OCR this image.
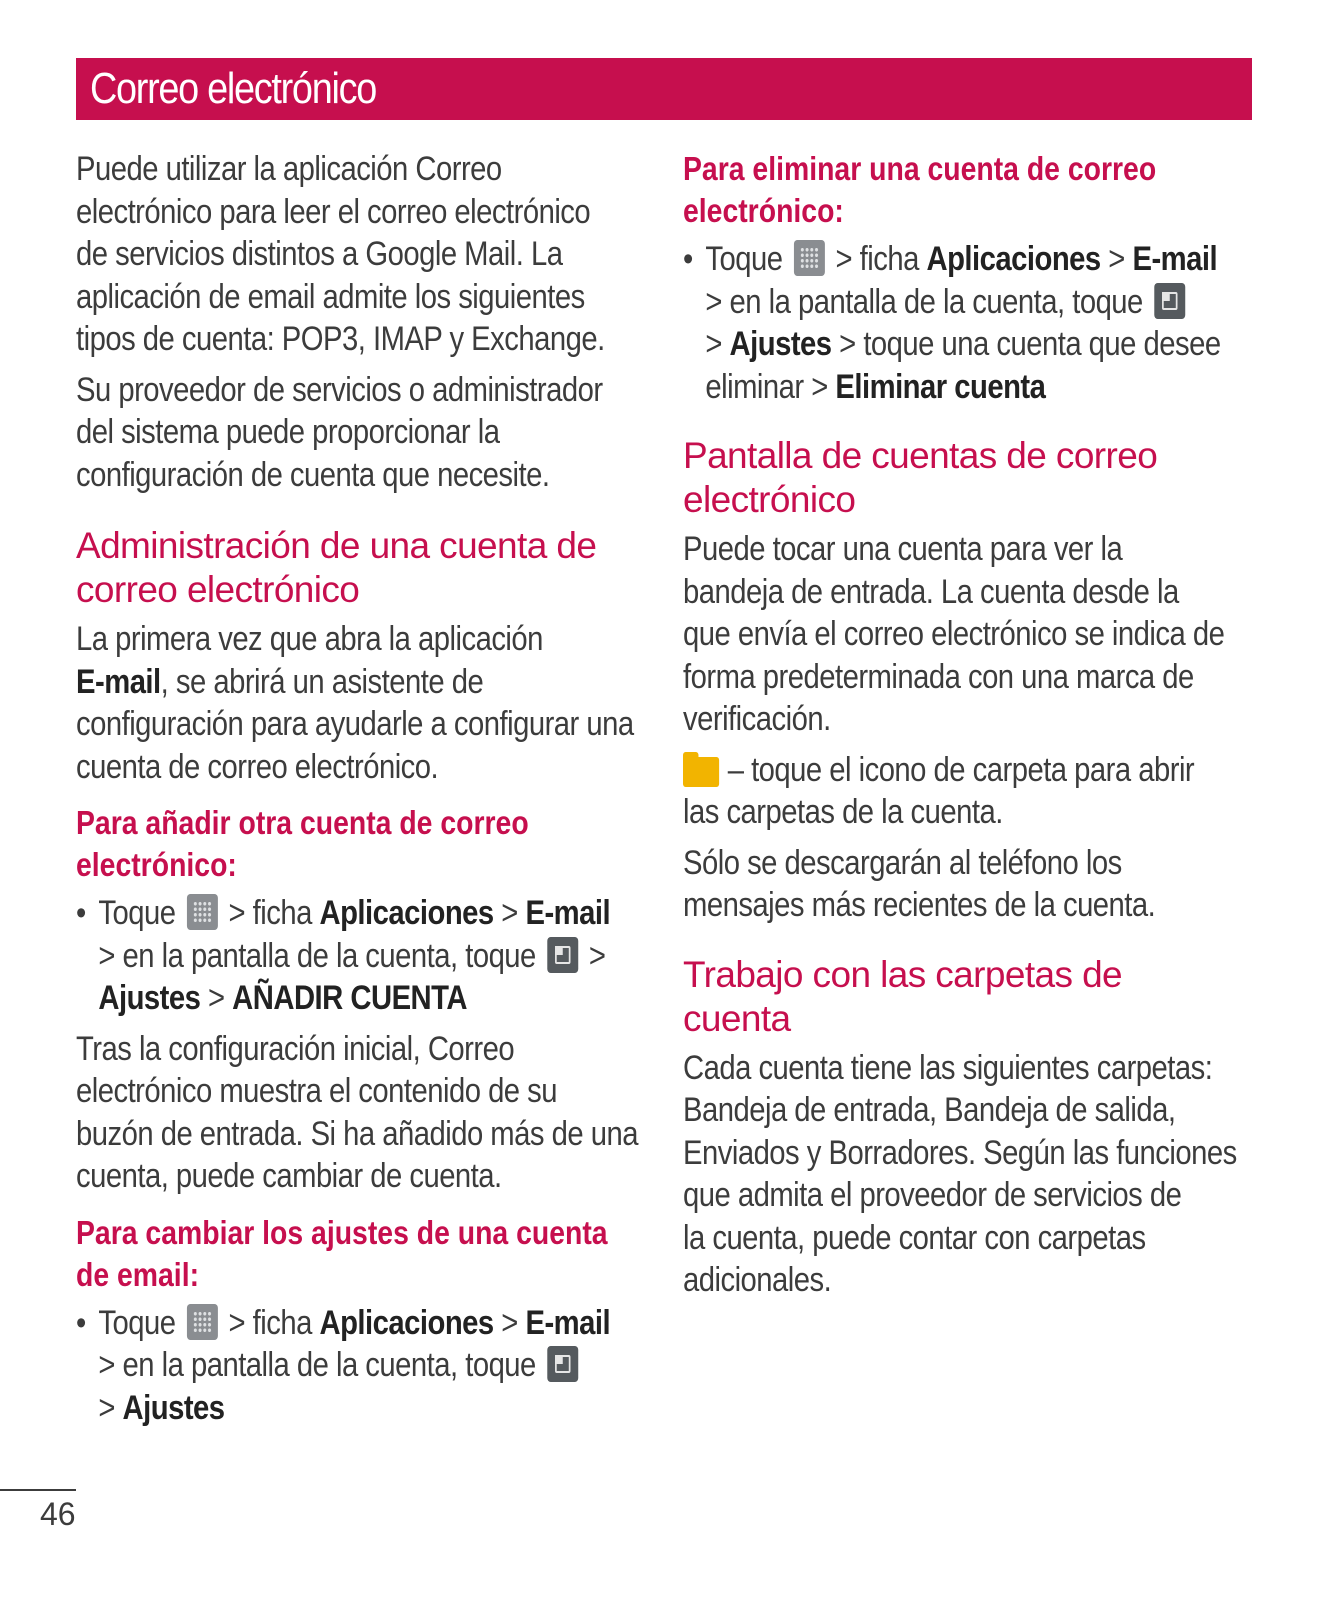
Correo electrónico
Puede utilizar la aplicación Correo
electrónico para leer el correo electrónico
de servicios distintos a Google Mail. La
aplicación de email admite los siguientes
tipos de cuenta: POP3, IMAP y Exchange.
Su proveedor de servicios o administrador
del sistema puede proporcionar la
configuración de cuenta que necesite.
Administración de una cuenta de
correo electrónico
La primera vez que abra la aplicación
E-mail, se abrirá un asistente de
configuración para ayudarle a configurar una
cuenta de correo electrónico.
Para añadir otra cuenta de correo
electrónico:
• Toque  > ficha Aplicaciones > E-mail
> en la pantalla de la cuenta, toque  >
Ajustes > AÑADIR CUENTA
Tras la configuración inicial, Correo
electrónico muestra el contenido de su
buzón de entrada. Si ha añadido más de una
cuenta, puede cambiar de cuenta.
Para cambiar los ajustes de una cuenta
de email:
• Toque  > ficha Aplicaciones > E-mail
> en la pantalla de la cuenta, toque
> Ajustes
Para eliminar una cuenta de correo
electrónico:
• Toque  > ficha Aplicaciones > E-mail
> en la pantalla de la cuenta, toque
> Ajustes > toque una cuenta que desee
eliminar > Eliminar cuenta
Pantalla de cuentas de correo
electrónico
Puede tocar una cuenta para ver la
bandeja de entrada. La cuenta desde la
que envía el correo electrónico se indica de
forma predeterminada con una marca de
verificación.
– toque el icono de carpeta para abrir
las carpetas de la cuenta.
Sólo se descargarán al teléfono los
mensajes más recientes de la cuenta.
Trabajo con las carpetas de
cuenta
Cada cuenta tiene las siguientes carpetas:
Bandeja de entrada, Bandeja de salida,
Enviados y Borradores. Según las funciones
que admita el proveedor de servicios de
la cuenta, puede contar con carpetas
adicionales.
46
